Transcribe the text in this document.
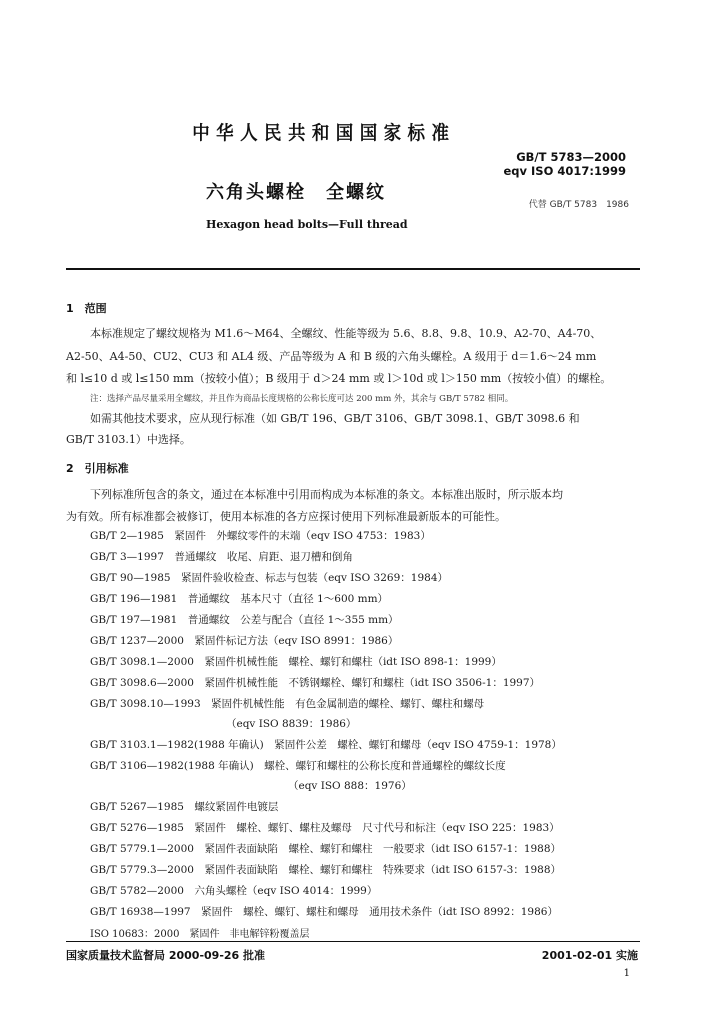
中华人民共和国国家标准
GB/T 5783—2000
eqv ISO 4017:1999
六角头螺栓　全螺纹
代替 GB/T 5783　1986
Hexagon head bolts—Full thread
1　范围
本标准规定了螺纹规格为 M1.6～M64、全螺纹、性能等级为 5.6、8.8、9.8、10.9、A2-70、A4-70、
A2-50、A4-50、CU2、CU3 和 AL4 级、产品等级为 A 和 B 级的六角头螺栓。A 级用于 d＝1.6～24 mm
和 l≤10 d 或 l≤150 mm（按较小值）；B 级用于 d＞24 mm 或 l＞10d 或 l＞150 mm（按较小值）的螺栓。
注：选择产品尽量采用全螺纹，并且作为商品长度规格的公称长度可达 200 mm 外，其余与 GB/T 5782 相同。
如需其他技术要求，应从现行标准（如 GB/T 196、GB/T 3106、GB/T 3098.1、GB/T 3098.6 和
GB/T 3103.1）中选择。
2　引用标准
下列标准所包含的条文，通过在本标准中引用而构成为本标准的条文。本标准出版时，所示版本均
为有效。所有标准都会被修订，使用本标准的各方应探讨使用下列标准最新版本的可能性。
GB/T 2—1985　紧固件　外螺纹零件的末端（eqv ISO 4753：1983）
GB/T 3—1997　普通螺纹　收尾、肩距、退刀槽和倒角
GB/T 90—1985　紧固件验收检查、标志与包装（eqv ISO 3269：1984）
GB/T 196—1981　普通螺纹　基本尺寸（直径 1～600 mm）
GB/T 197—1981　普通螺纹　公差与配合（直径 1～355 mm）
GB/T 1237—2000　紧固件标记方法（eqv ISO 8991：1986）
GB/T 3098.1—2000　紧固件机械性能　螺栓、螺钉和螺柱（idt ISO 898-1：1999）
GB/T 3098.6—2000　紧固件机械性能　不锈钢螺栓、螺钉和螺柱（idt ISO 3506-1：1997）
GB/T 3098.10—1993　紧固件机械性能　有色金属制造的螺栓、螺钉、螺柱和螺母
（eqv ISO 8839：1986）
GB/T 3103.1—1982(1988 年确认)　紧固件公差　螺栓、螺钉和螺母（eqv ISO 4759-1：1978）
GB/T 3106—1982(1988 年确认)　螺栓、螺钉和螺柱的公称长度和普通螺栓的螺纹长度
（eqv ISO 888：1976）
GB/T 5267—1985　螺纹紧固件电镀层
GB/T 5276—1985　紧固件　螺栓、螺钉、螺柱及螺母　尺寸代号和标注（eqv ISO 225：1983）
GB/T 5779.1—2000　紧固件表面缺陷　螺栓、螺钉和螺柱　一般要求（idt ISO 6157-1：1988）
GB/T 5779.3—2000　紧固件表面缺陷　螺栓、螺钉和螺柱　特殊要求（idt ISO 6157-3：1988）
GB/T 5782—2000　六角头螺栓（eqv ISO 4014：1999）
GB/T 16938—1997　紧固件　螺栓、螺钉、螺柱和螺母　通用技术条件（idt ISO 8992：1986）
ISO 10683：2000　紧固件　非电解锌粉覆盖层
国家质量技术监督局 2000-09-26 批准	2001-02-01 实施
1
